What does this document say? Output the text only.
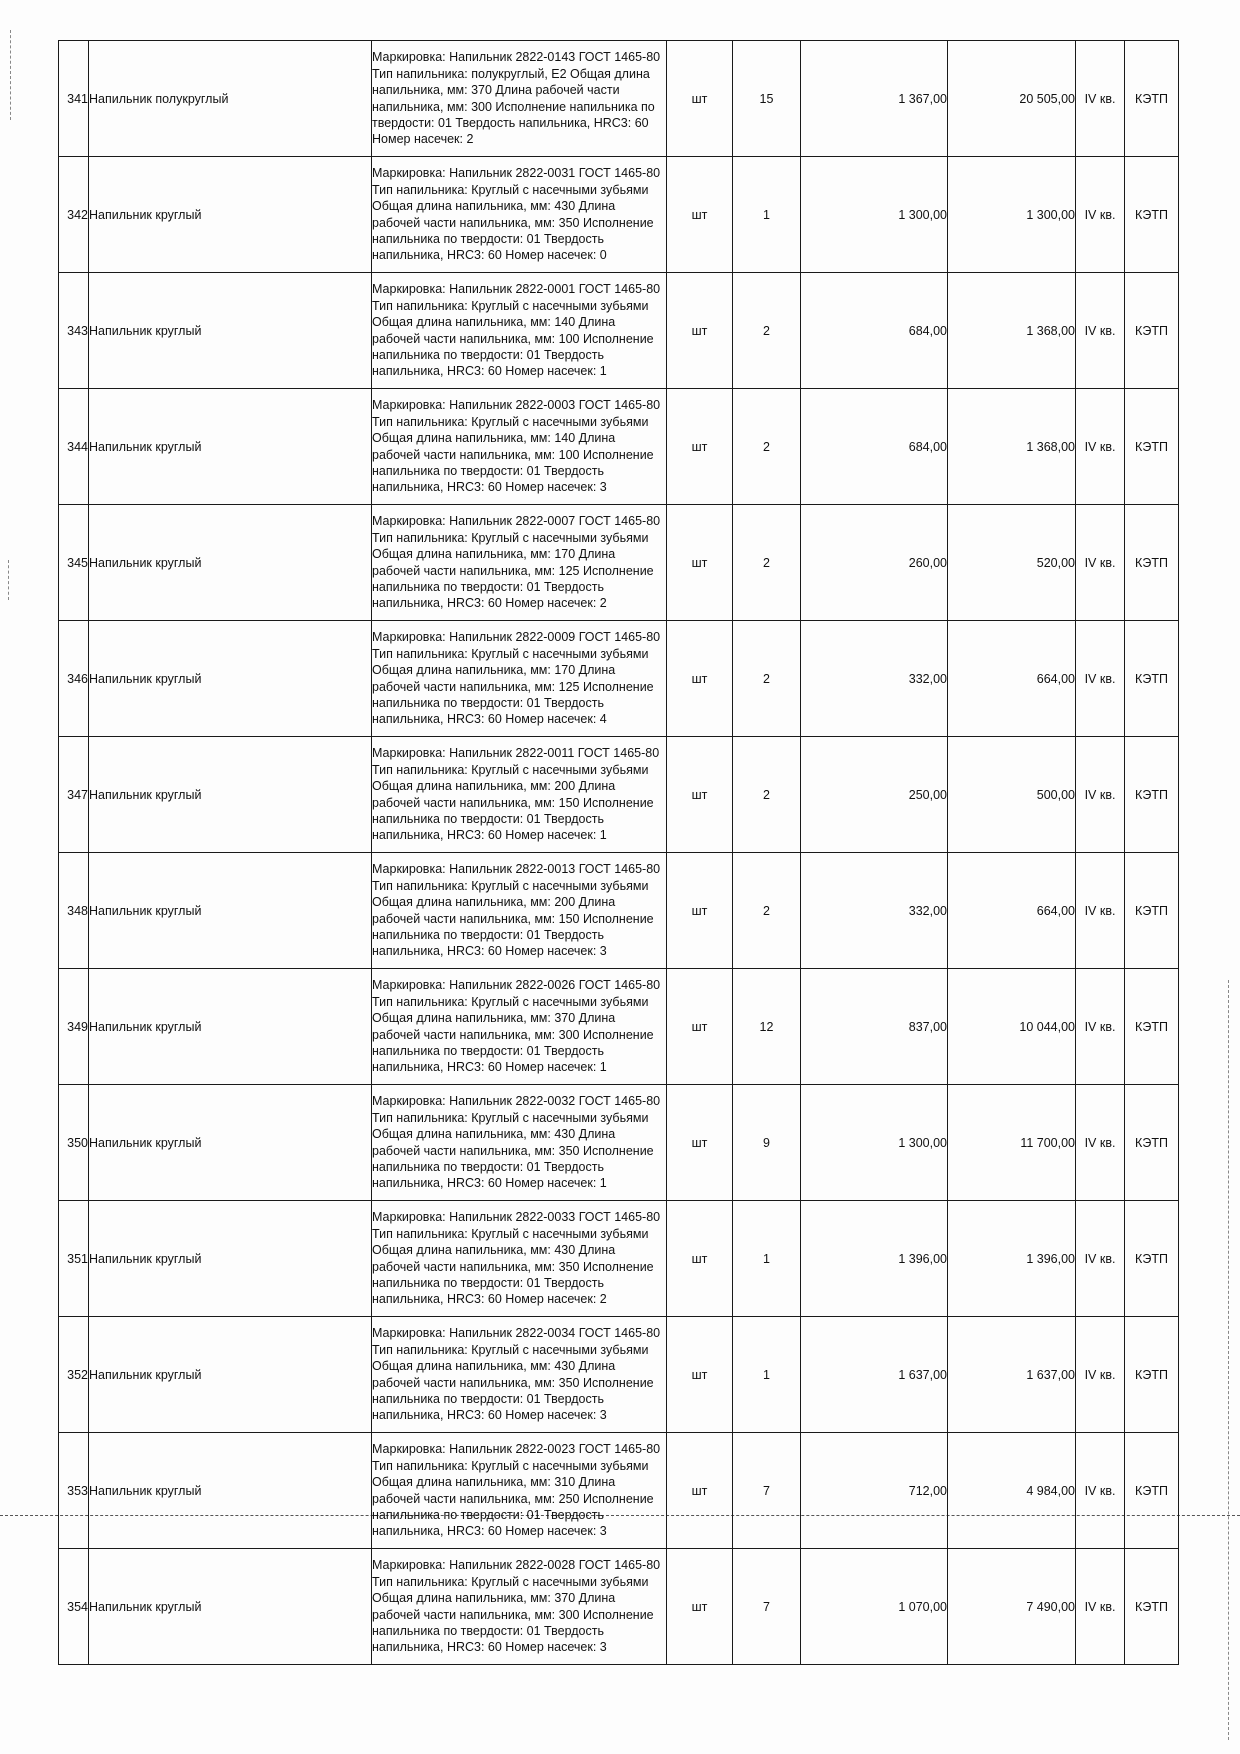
341	Напильник полукруглый	Маркировка: Напильник 2822-0143 ГОСТ 1465-80 Тип напильника: полукруглый, Е2 Общая длина напильника, мм: 370 Длина рабочей части напильника, мм: 300 Исполнение напильника по твердости: 01 Твердость напильника, HRC3: 60 Номер насечек: 2	шт	15	1 367,00	20 505,00	IV кв.	КЭТП
342	Напильник круглый	Маркировка: Напильник 2822-0031 ГОСТ 1465-80 Тип напильника: Круглый с насечными зубьями Общая длина напильника, мм: 430 Длина рабочей части напильника, мм: 350 Исполнение напильника по твердости: 01 Твердость напильника, HRC3: 60 Номер насечек: 0	шт	1	1 300,00	1 300,00	IV кв.	КЭТП
343	Напильник круглый	Маркировка: Напильник 2822-0001 ГОСТ 1465-80 Тип напильника: Круглый с насечными зубьями Общая длина напильника, мм: 140 Длина рабочей части напильника, мм: 100 Исполнение напильника по твердости: 01 Твердость напильника, HRC3: 60 Номер насечек: 1	шт	2	684,00	1 368,00	IV кв.	КЭТП
344	Напильник круглый	Маркировка: Напильник 2822-0003 ГОСТ 1465-80 Тип напильника: Круглый с насечными зубьями Общая длина напильника, мм: 140 Длина рабочей части напильника, мм: 100 Исполнение напильника по твердости: 01 Твердость напильника, HRC3: 60 Номер насечек: 3	шт	2	684,00	1 368,00	IV кв.	КЭТП
345	Напильник круглый	Маркировка: Напильник 2822-0007 ГОСТ 1465-80 Тип напильника: Круглый с насечными зубьями Общая длина напильника, мм: 170 Длина рабочей части напильника, мм: 125 Исполнение напильника по твердости: 01 Твердость напильника, HRC3: 60 Номер насечек: 2	шт	2	260,00	520,00	IV кв.	КЭТП
346	Напильник круглый	Маркировка: Напильник 2822-0009 ГОСТ 1465-80 Тип напильника: Круглый с насечными зубьями Общая длина напильника, мм: 170 Длина рабочей части напильника, мм: 125 Исполнение напильника по твердости: 01 Твердость напильника, HRC3: 60 Номер насечек: 4	шт	2	332,00	664,00	IV кв.	КЭТП
347	Напильник круглый	Маркировка: Напильник 2822-0011 ГОСТ 1465-80 Тип напильника: Круглый с насечными зубьями Общая длина напильника, мм: 200 Длина рабочей части напильника, мм: 150 Исполнение напильника по твердости: 01 Твердость напильника, HRC3: 60 Номер насечек: 1	шт	2	250,00	500,00	IV кв.	КЭТП
348	Напильник круглый	Маркировка: Напильник 2822-0013 ГОСТ 1465-80 Тип напильника: Круглый с насечными зубьями Общая длина напильника, мм: 200 Длина рабочей части напильника, мм: 150 Исполнение напильника по твердости: 01 Твердость напильника, HRC3: 60 Номер насечек: 3	шт	2	332,00	664,00	IV кв.	КЭТП
349	Напильник круглый	Маркировка: Напильник 2822-0026 ГОСТ 1465-80 Тип напильника: Круглый с насечными зубьями Общая длина напильника, мм: 370 Длина рабочей части напильника, мм: 300 Исполнение напильника по твердости: 01 Твердость напильника, HRC3: 60 Номер насечек: 1	шт	12	837,00	10 044,00	IV кв.	КЭТП
350	Напильник круглый	Маркировка: Напильник 2822-0032 ГОСТ 1465-80 Тип напильника: Круглый с насечными зубьями Общая длина напильника, мм: 430 Длина рабочей части напильника, мм: 350 Исполнение напильника по твердости: 01 Твердость напильника, HRC3: 60 Номер насечек: 1	шт	9	1 300,00	11 700,00	IV кв.	КЭТП
351	Напильник круглый	Маркировка: Напильник 2822-0033 ГОСТ 1465-80 Тип напильника: Круглый с насечными зубьями Общая длина напильника, мм: 430 Длина рабочей части напильника, мм: 350 Исполнение напильника по твердости: 01 Твердость напильника, HRC3: 60 Номер насечек: 2	шт	1	1 396,00	1 396,00	IV кв.	КЭТП
352	Напильник круглый	Маркировка: Напильник 2822-0034 ГОСТ 1465-80 Тип напильника: Круглый с насечными зубьями Общая длина напильника, мм: 430 Длина рабочей части напильника, мм: 350 Исполнение напильника по твердости: 01 Твердость напильника, HRC3: 60 Номер насечек: 3	шт	1	1 637,00	1 637,00	IV кв.	КЭТП
353	Напильник круглый	Маркировка: Напильник 2822-0023 ГОСТ 1465-80 Тип напильника: Круглый с насечными зубьями Общая длина напильника, мм: 310 Длина рабочей части напильника, мм: 250 Исполнение напильника по твердости: 01 Твердость напильника, HRC3: 60 Номер насечек: 3	шт	7	712,00	4 984,00	IV кв.	КЭТП
354	Напильник круглый	Маркировка: Напильник 2822-0028 ГОСТ 1465-80 Тип напильника: Круглый с насечными зубьями Общая длина напильника, мм: 370 Длина рабочей части напильника, мм: 300 Исполнение напильника по твердости: 01 Твердость напильника, HRC3: 60 Номер насечек: 3	шт	7	1 070,00	7 490,00	IV кв.	КЭТП
